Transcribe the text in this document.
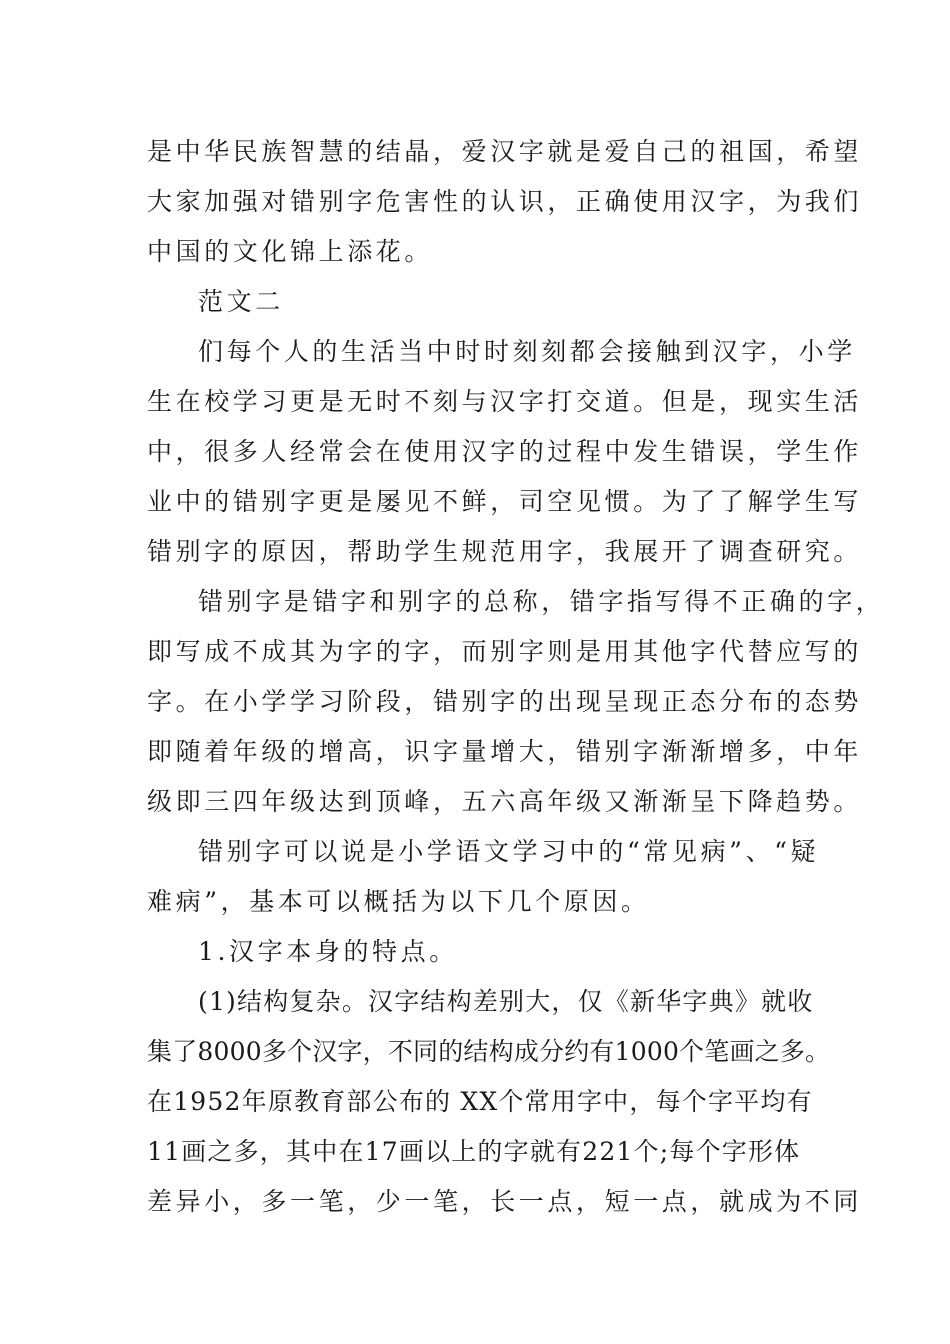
是中华民族智慧的结晶，爱汉字就是爱自己的祖国，希望
大家加强对错别字危害性的认识，正确使用汉字，为我们
中国的文化锦上添花。
范文二
们每个人的生活当中时时刻刻都会接触到汉字，小学
生在校学习更是无时不刻与汉字打交道。但是，现实生活
中，很多人经常会在使用汉字的过程中发生错误，学生作
业中的错别字更是屡见不鲜，司空见惯。为了了解学生写
错别字的原因，帮助学生规范用字，我展开了调查研究。
错别字是错字和别字的总称，错字指写得不正确的字，
即写成不成其为字的字，而别字则是用其他字代替应写的
字。在小学学习阶段，错别字的出现呈现正态分布的态势
即随着年级的增高，识字量增大，错别字渐渐增多，中年
级即三四年级达到顶峰，五六高年级又渐渐呈下降趋势。
错别字可以说是小学语文学习中的“常见病”、“疑
难病”，基本可以概括为以下几个原因。
1.汉字本身的特点。
(1)结构复杂。汉字结构差别大，仅《新华字典》就收
集了8000多个汉字，不同的结构成分约有1000个笔画之多。
在1952年原教育部公布的 XX个常用字中，每个字平均有
11画之多，其中在17画以上的字就有221个;每个字形体
差异小，多一笔，少一笔，长一点，短一点，就成为不同
